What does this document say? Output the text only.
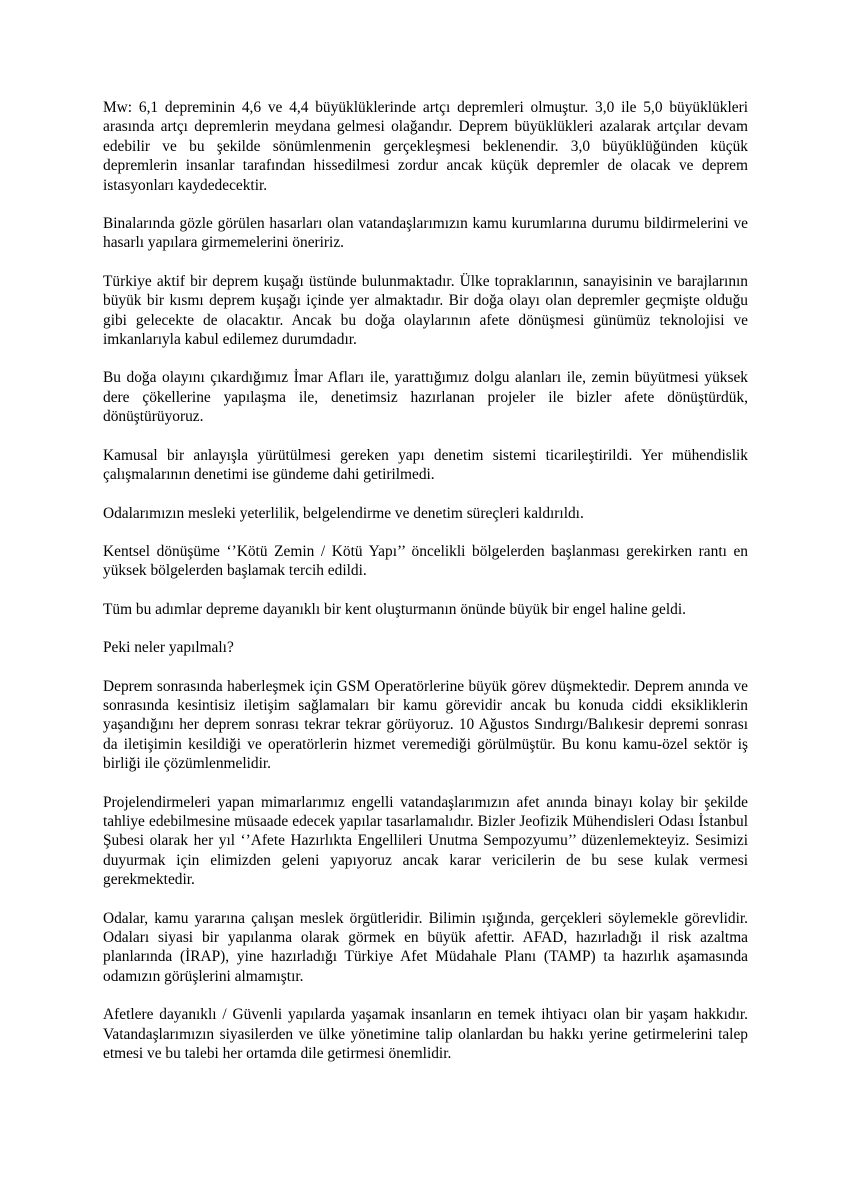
Mw: 6,1 depreminin 4,6 ve 4,4 büyüklüklerinde artçı depremleri olmuştur. 3,0 ile 5,0 büyüklükleri arasında artçı depremlerin meydana gelmesi olağandır. Deprem büyüklükleri azalarak artçılar devam edebilir ve bu şekilde sönümlenmenin gerçekleşmesi beklenendir. 3,0 büyüklüğünden küçük depremlerin insanlar tarafından hissedilmesi zordur ancak küçük depremler de olacak ve deprem istasyonları kaydedecektir.

Binalarında gözle görülen hasarları olan vatandaşlarımızın kamu kurumlarına durumu bildirmelerini ve hasarlı yapılara girmemelerini öneririz.

Türkiye aktif bir deprem kuşağı üstünde bulunmaktadır. Ülke topraklarının, sanayisinin ve barajlarının büyük bir kısmı deprem kuşağı içinde yer almaktadır. Bir doğa olayı olan depremler geçmişte olduğu gibi gelecekte de olacaktır. Ancak bu doğa olaylarının afete dönüşmesi günümüz teknolojisi ve imkanlarıyla kabul edilemez durumdadır.

Bu doğa olayını çıkardığımız İmar Afları ile, yarattığımız dolgu alanları ile, zemin büyütmesi yüksek dere çökellerine yapılaşma ile, denetimsiz hazırlanan projeler ile bizler afete dönüştürdük, dönüştürüyoruz.

Kamusal bir anlayışla yürütülmesi gereken yapı denetim sistemi ticarileştirildi. Yer mühendislik çalışmalarının denetimi ise gündeme dahi getirilmedi.

Odalarımızın mesleki yeterlilik, belgelendirme ve denetim süreçleri kaldırıldı.

Kentsel dönüşüme ‘’Kötü Zemin / Kötü Yapı’’ öncelikli bölgelerden başlanması gerekirken rantı en yüksek bölgelerden başlamak tercih edildi.

Tüm bu adımlar depreme dayanıklı bir kent oluşturmanın önünde büyük bir engel haline geldi.

Peki neler yapılmalı?

Deprem sonrasında haberleşmek için GSM Operatörlerine büyük görev düşmektedir. Deprem anında ve sonrasında kesintisiz iletişim sağlamaları bir kamu görevidir ancak bu konuda ciddi eksikliklerin yaşandığını her deprem sonrası tekrar tekrar görüyoruz. 10 Ağustos Sındırgı/Balıkesir depremi sonrası da iletişimin kesildiği ve operatörlerin hizmet veremediği görülmüştür. Bu konu kamu-özel sektör iş birliği ile çözümlenmelidir.

Projelendirmeleri yapan mimarlarımız engelli vatandaşlarımızın afet anında binayı kolay bir şekilde tahliye edebilmesine müsaade edecek yapılar tasarlamalıdır. Bizler Jeofizik Mühendisleri Odası İstanbul Şubesi olarak her yıl ‘’Afete Hazırlıkta Engellileri Unutma Sempozyumu’’ düzenlemekteyiz. Sesimizi duyurmak için elimizden geleni yapıyoruz ancak karar vericilerin de bu sese kulak vermesi gerekmektedir.

Odalar, kamu yararına çalışan meslek örgütleridir. Bilimin ışığında, gerçekleri söylemekle görevlidir. Odaları siyasi bir yapılanma olarak görmek en büyük afettir. AFAD, hazırladığı il risk azaltma planlarında (İRAP), yine hazırladığı Türkiye Afet Müdahale Planı (TAMP) ta hazırlık aşamasında odamızın görüşlerini almamıştır.

Afetlere dayanıklı / Güvenli yapılarda yaşamak insanların en temek ihtiyacı olan bir yaşam hakkıdır. Vatandaşlarımızın siyasilerden ve ülke yönetimine talip olanlardan bu hakkı yerine getirmelerini talep etmesi ve bu talebi her ortamda dile getirmesi önemlidir.
